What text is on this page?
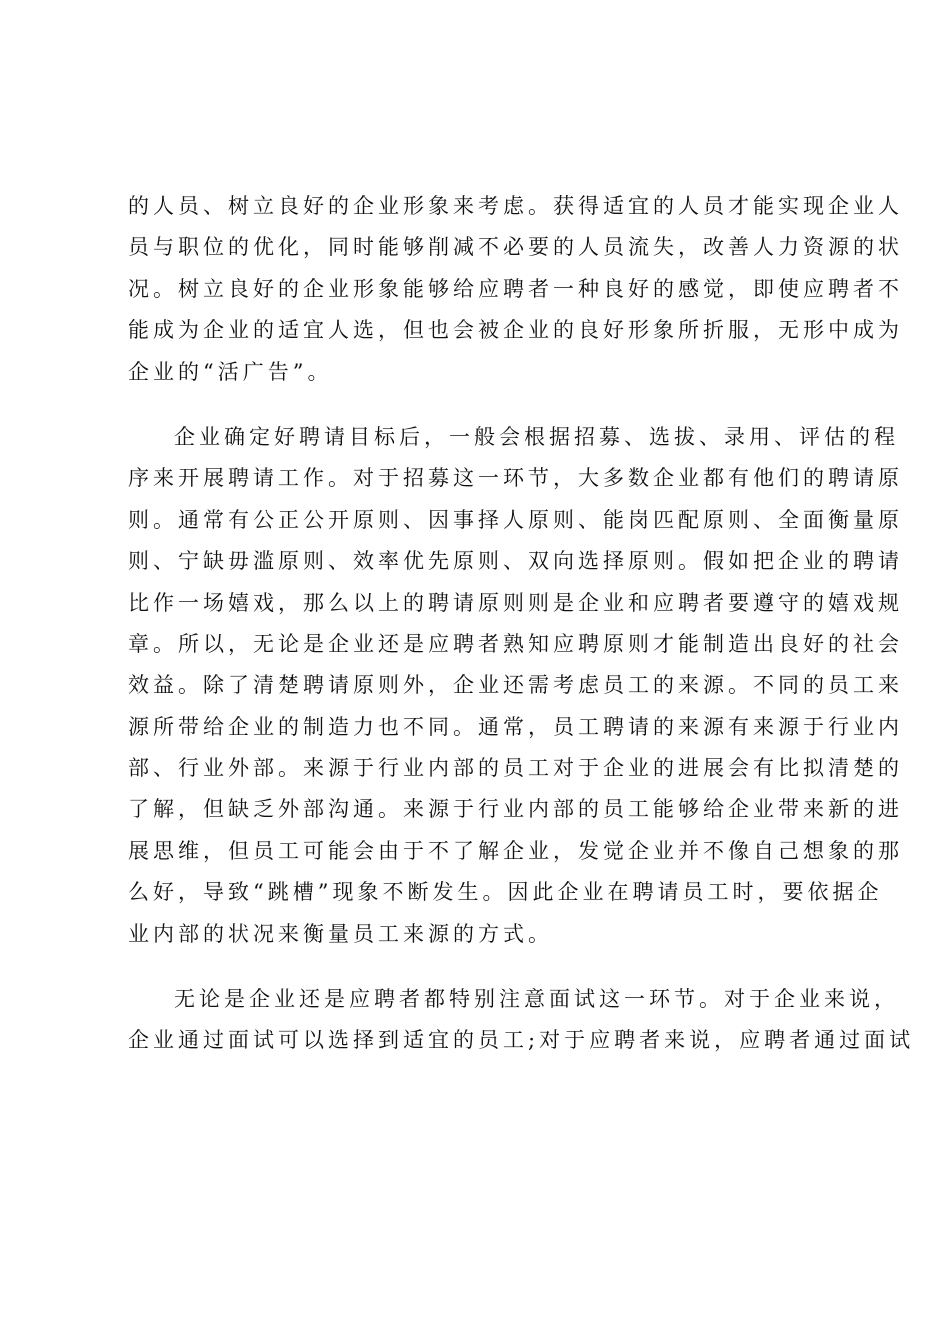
的人员、树立良好的企业形象来考虑。获得适宜的人员才能实现企业人
员与职位的优化，同时能够削减不必要的人员流失，改善人力资源的状
况。树立良好的企业形象能够给应聘者一种良好的感觉，即使应聘者不
能成为企业的适宜人选，但也会被企业的良好形象所折服，无形中成为
企业的“活广告”。
企业确定好聘请目标后，一般会根据招募、选拔、录用、评估的程
序来开展聘请工作。对于招募这一环节，大多数企业都有他们的聘请原
则。通常有公正公开原则、因事择人原则、能岗匹配原则、全面衡量原
则、宁缺毋滥原则、效率优先原则、双向选择原则。假如把企业的聘请
比作一场嬉戏，那么以上的聘请原则则是企业和应聘者要遵守的嬉戏规
章。所以，无论是企业还是应聘者熟知应聘原则才能制造出良好的社会
效益。除了清楚聘请原则外，企业还需考虑员工的来源。不同的员工来
源所带给企业的制造力也不同。通常，员工聘请的来源有来源于行业内
部、行业外部。来源于行业内部的员工对于企业的进展会有比拟清楚的
了解，但缺乏外部沟通。来源于行业内部的员工能够给企业带来新的进
展思维，但员工可能会由于不了解企业，发觉企业并不像自己想象的那
么好，导致“跳槽”现象不断发生。因此企业在聘请员工时，要依据企
业内部的状况来衡量员工来源的方式。
无论是企业还是应聘者都特别注意面试这一环节。对于企业来说，
企业通过面试可以选择到适宜的员工;对于应聘者来说，应聘者通过面试
